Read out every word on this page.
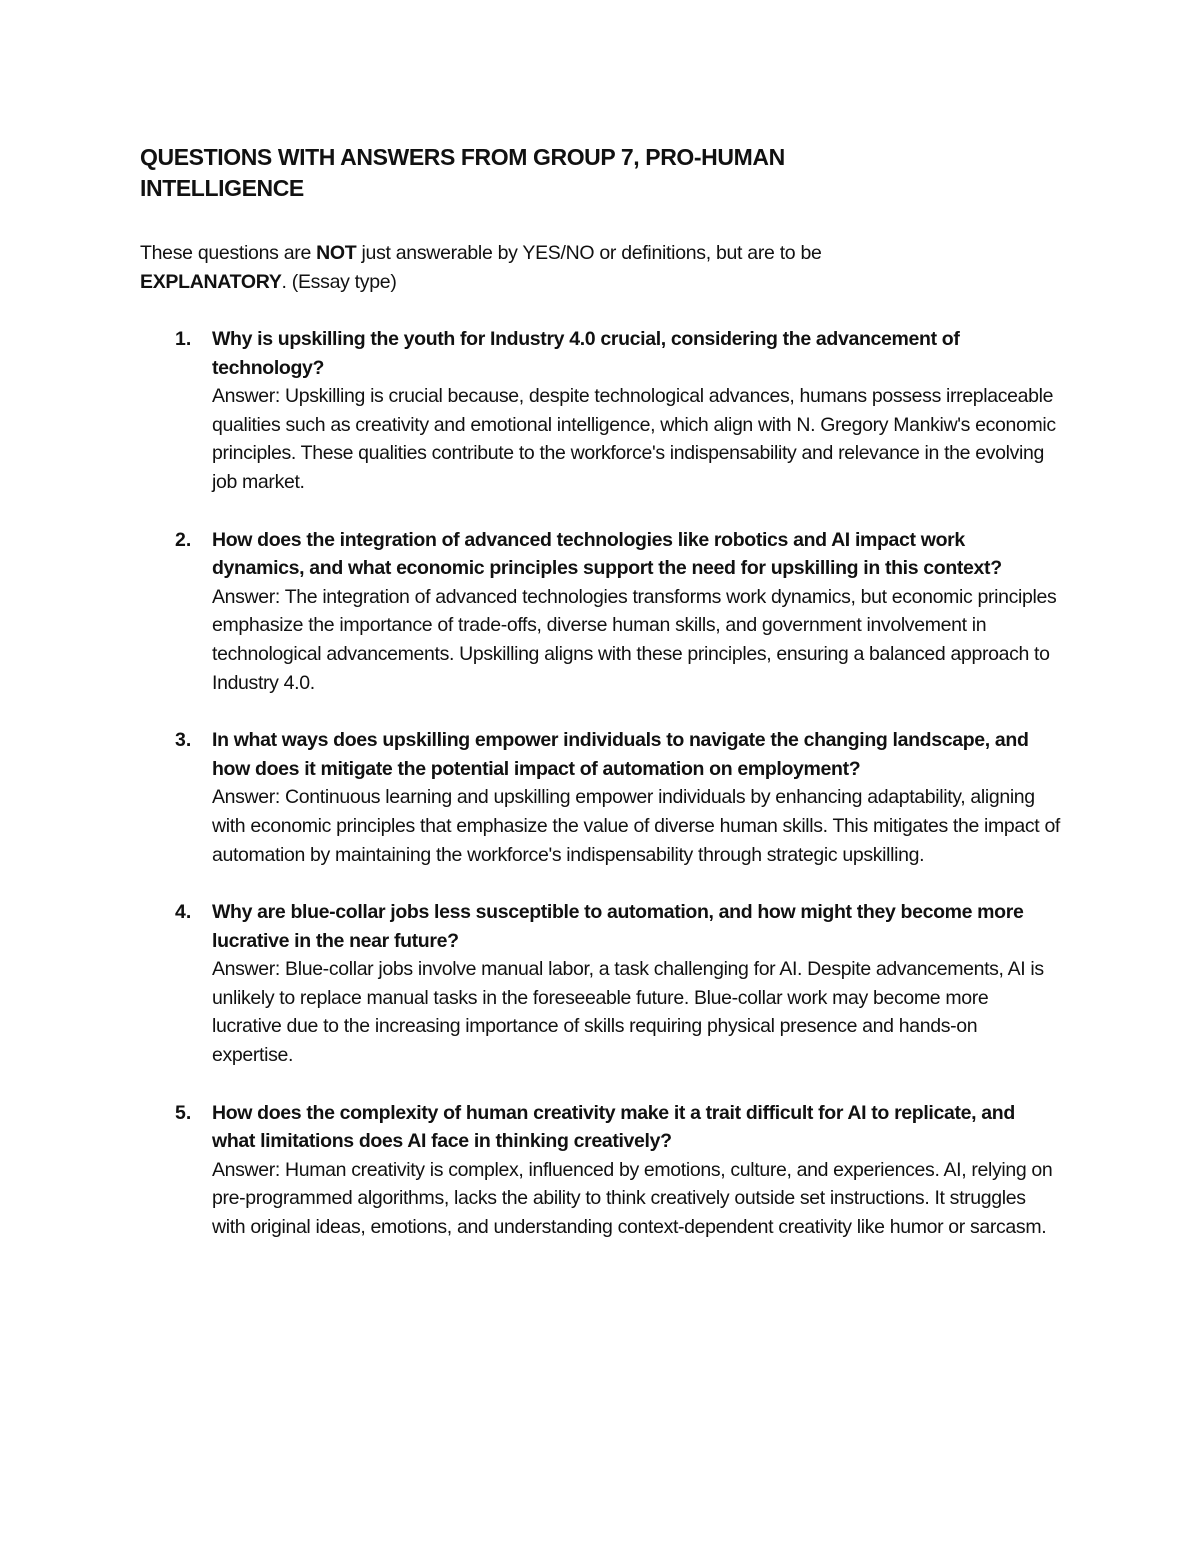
QUESTIONS WITH ANSWERS FROM GROUP 7, PRO-HUMAN INTELLIGENCE

These questions are NOT just answerable by YES/NO or definitions, but are to be EXPLANATORY. (Essay type)

1. Why is upskilling the youth for Industry 4.0 crucial, considering the advancement of technology?
Answer: Upskilling is crucial because, despite technological advances, humans possess irreplaceable qualities such as creativity and emotional intelligence, which align with N. Gregory Mankiw's economic principles. These qualities contribute to the workforce's indispensability and relevance in the evolving job market.
2. How does the integration of advanced technologies like robotics and AI impact work dynamics, and what economic principles support the need for upskilling in this context?
Answer: The integration of advanced technologies transforms work dynamics, but economic principles emphasize the importance of trade-offs, diverse human skills, and government involvement in technological advancements. Upskilling aligns with these principles, ensuring a balanced approach to Industry 4.0.
3. In what ways does upskilling empower individuals to navigate the changing landscape, and how does it mitigate the potential impact of automation on employment?
Answer: Continuous learning and upskilling empower individuals by enhancing adaptability, aligning with economic principles that emphasize the value of diverse human skills. This mitigates the impact of automation by maintaining the workforce's indispensability through strategic upskilling.
4. Why are blue-collar jobs less susceptible to automation, and how might they become more lucrative in the near future?
Answer: Blue-collar jobs involve manual labor, a task challenging for AI. Despite advancements, AI is unlikely to replace manual tasks in the foreseeable future. Blue-collar work may become more lucrative due to the increasing importance of skills requiring physical presence and hands-on expertise.
5. How does the complexity of human creativity make it a trait difficult for AI to replicate, and what limitations does AI face in thinking creatively?
Answer: Human creativity is complex, influenced by emotions, culture, and experiences. AI, relying on pre-programmed algorithms, lacks the ability to think creatively outside set instructions. It struggles with original ideas, emotions, and understanding context-dependent creativity like humor or sarcasm.
